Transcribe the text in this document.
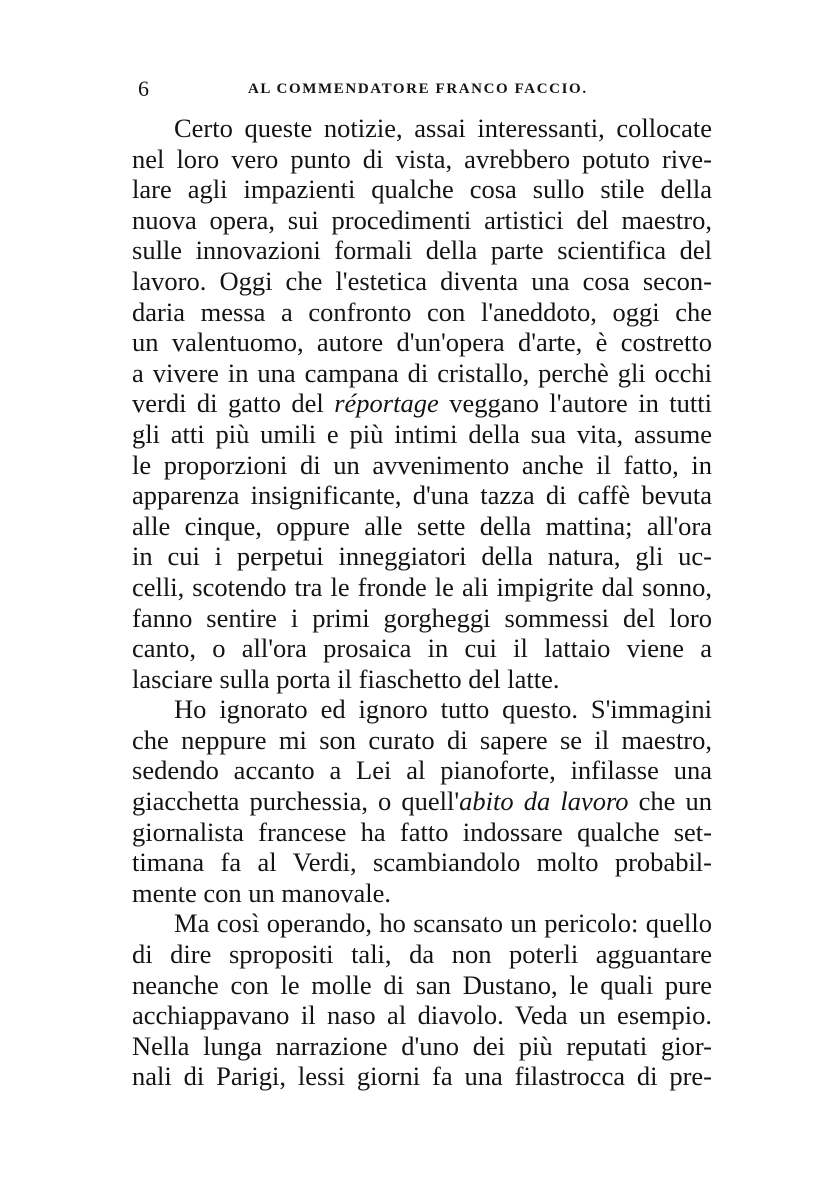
6	AL COMMENDATORE FRANCO FACCIO.
Certo queste notizie, assai interessanti, collocate
nel loro vero punto di vista, avrebbero potuto rive-
lare agli impazienti qualche cosa sullo stile della
nuova opera, sui procedimenti artistici del maestro,
sulle innovazioni formali della parte scientifica del
lavoro. Oggi che l'estetica diventa una cosa secon-
daria messa a confronto con l'aneddoto, oggi che
un valentuomo, autore d'un'opera d'arte, è costretto
a vivere in una campana di cristallo, perchè gli occhi
verdi di gatto del réportage veggano l'autore in tutti
gli atti più umili e più intimi della sua vita, assume
le proporzioni di un avvenimento anche il fatto, in
apparenza insignificante, d'una tazza di caffè bevuta
alle cinque, oppure alle sette della mattina; all'ora
in cui i perpetui inneggiatori della natura, gli uc-
celli, scotendo tra le fronde le ali impigrite dal sonno,
fanno sentire i primi gorgheggi sommessi del loro
canto, o all'ora prosaica in cui il lattaio viene a
lasciare sulla porta il fiaschetto del latte.
Ho ignorato ed ignoro tutto questo. S'immagini
che neppure mi son curato di sapere se il maestro,
sedendo accanto a Lei al pianoforte, infilasse una
giacchetta purchessia, o quell'abito da lavoro che un
giornalista francese ha fatto indossare qualche set-
timana fa al Verdi, scambiandolo molto probabil-
mente con un manovale.
Ma così operando, ho scansato un pericolo: quello
di dire spropositi tali, da non poterli agguantare
neanche con le molle di san Dustano, le quali pure
acchiappavano il naso al diavolo. Veda un esempio.
Nella lunga narrazione d'uno dei più reputati gior-
nali di Parigi, lessi giorni fa una filastrocca di pre-
